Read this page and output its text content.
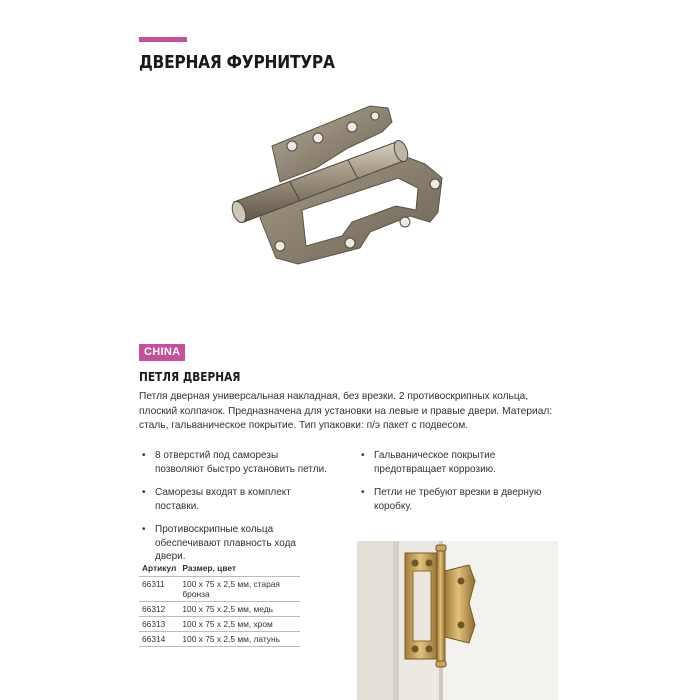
ДВЕРНАЯ ФУРНИТУРА
CHINA
ПЕТЛЯ ДВЕРНАЯ

Петля дверная универсальная накладная, без врезки. 2 противоскрипных кольца, плоский колпачок. Предназначена для установки на левые и правые двери. Материал: сталь, гальваническое покрытие. Тип упаковки: п/э пакет с подвесом.

• 8 отверстий под саморезы позволяют быстро установить петли.
• Саморезы входят в комплект поставки.
• Противоскрипные кольца обеспечивают плавность хода двери.
• Гальваническое покрытие предотвращает коррозию.
• Петли не требуют врезки в дверную коробку.
Артикул	Размер, цвет
66311	100 x 75 x 2,5 мм, старая бронза
66312	100 x 75 x 2,5 мм, медь
66313	100 x 75 x 2,5 мм, хром
66314	100 x 75 x 2,5 мм, латунь
